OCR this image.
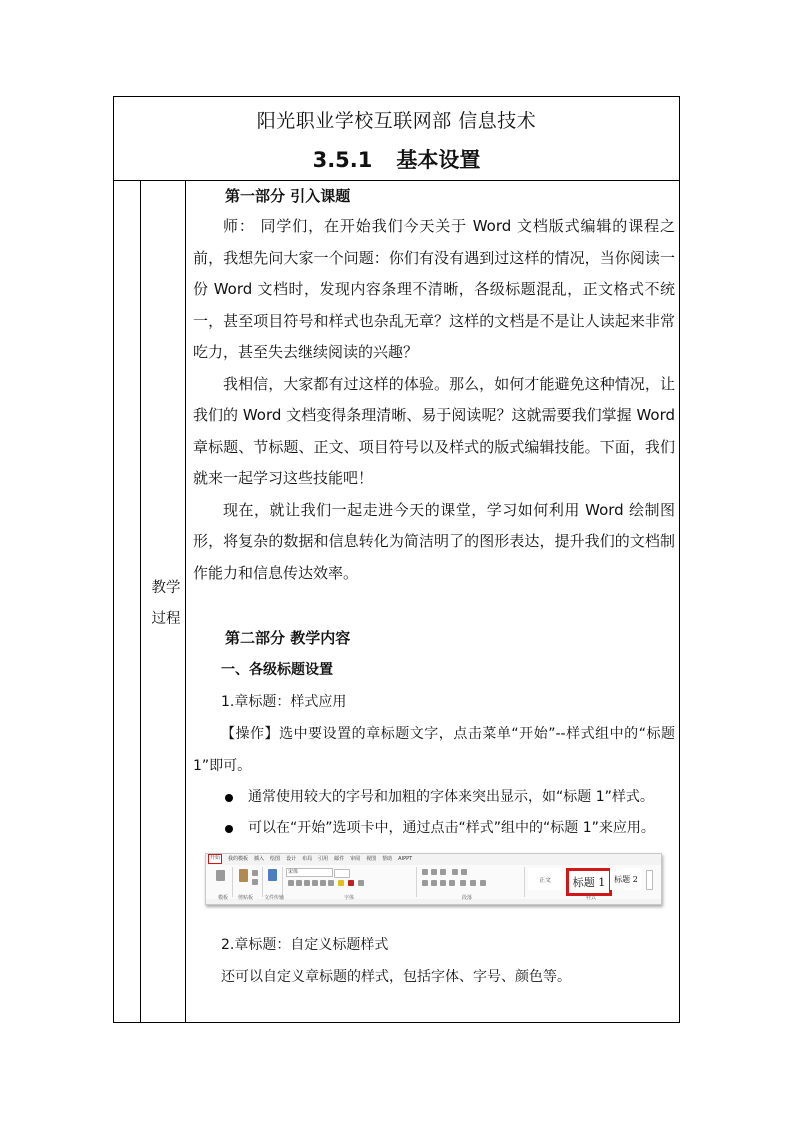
阳光职业学校互联网部 信息技术
3.5.1 基本设置
教学
过程
第一部分 引入课题

师： 同学们，在开始我们今天关于 Word 文档版式编辑的课程之前，我想先问大家一个问题：你们有没有遇到过这样的情况，当你阅读一份 Word 文档时，发现内容条理不清晰，各级标题混乱，正文格式不统一，甚至项目符号和样式也杂乱无章？这样的文档是不是让人读起来非常吃力，甚至失去继续阅读的兴趣？

我相信，大家都有过这样的体验。那么，如何才能避免这种情况，让我们的 Word 文档变得条理清晰、易于阅读呢？这就需要我们掌握 Word 章标题、节标题、正文、项目符号以及样式的版式编辑技能。下面，我们就来一起学习这些技能吧！

现在，就让我们一起走进今天的课堂，学习如何利用 Word 绘制图形，将复杂的数据和信息转化为简洁明了的图形表达，提升我们的文档制作能力和信息传达效率。

第二部分 教学内容
一、各级标题设置
1.章标题：样式应用

【操作】选中要设置的章标题文字，点击菜单“开始”--样式组中的“标题 1”即可。

通常使用较大的字号和加粗的字体来突出显示，如“标题 1”样式。
可以在“开始”选项卡中，通过点击“样式”组中的“标题 1”来应用。
开始	我的模板 插入 绘图 设计 布局 引用 邮件 审阅 视图 帮助 AIPPT
宋体
正文	标题 1	标题 2
模板 剪贴板 文件传输	字体	段落	样式
2.章标题：自定义标题样式
还可以自定义章标题的样式，包括字体、字号、颜色等。
